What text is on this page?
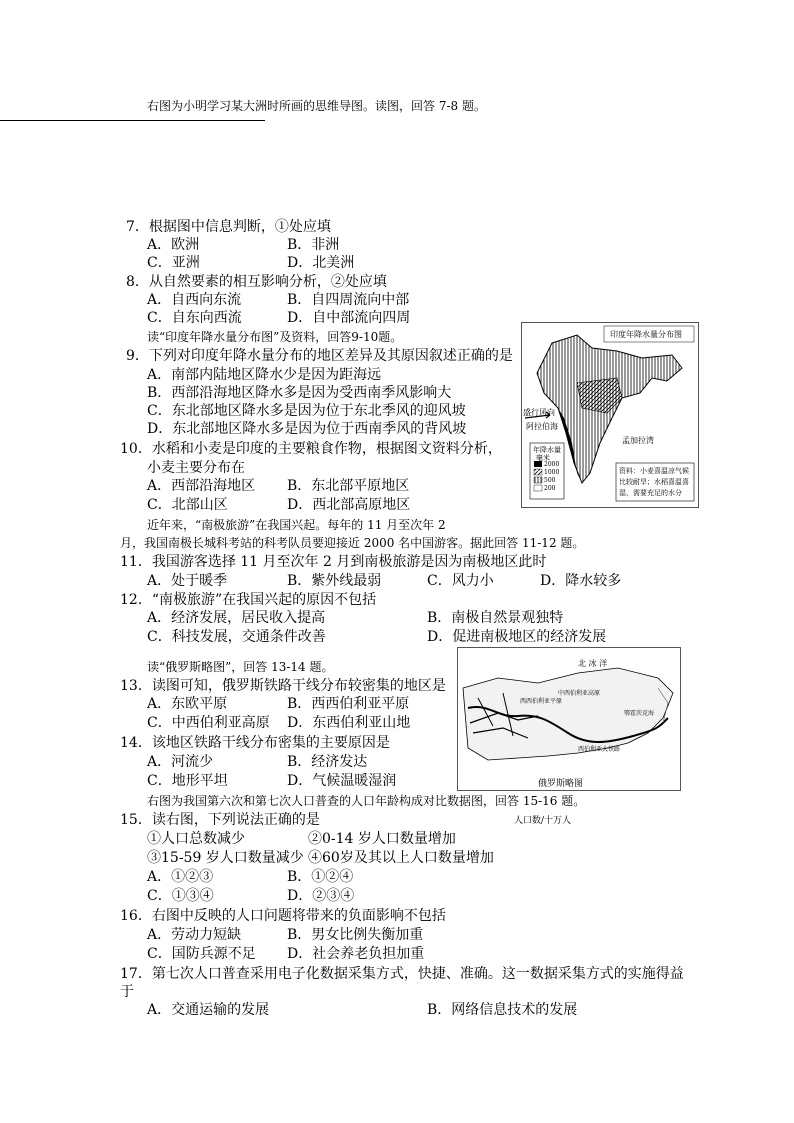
右图为小明学习某大洲时所画的思维导图。读图，回答 7-8 题。
7．根据图中信息判断，①处应填
A．欧洲	B．非洲
C．亚洲	D．北美洲
8．从自然要素的相互影响分析，②处应填
A．自西向东流	B．自四周流向中部
C．自东向西流	D．自中部流向四周
读“印度年降水量分布图”及资料，回答9-10题。
9．下列对印度年降水量分布的地区差异及其原因叙述正确的是
A．南部内陆地区降水少是因为距海远
B．西部沿海地区降水多是因为受西南季风影响大
C．东北部地区降水多是因为位于东北季风的迎风坡
D．东北部地区降水多是因为位于西南季风的背风坡
10．水稻和小麦是印度的主要粮食作物，根据图文资料分析，
小麦主要分布在
A．西部沿海地区 B．东北部平原地区
C．北部山区	D．西北部高原地区
近年来，“南极旅游”在我国兴起。每年的 11 月至次年 2
月，我国南极长城科考站的科考队员要迎接近 2000 名中国游客。据此回答 11-12 题。
11．我国游客选择 11 月至次年 2 月到南极旅游是因为南极地区此时
A．处于暖季	B．紫外线最弱	C．风力小	D．降水较多
12．“南极旅游”在我国兴起的原因不包括
A．经济发展，居民收入提高	B．南极自然景观独特
C．科技发展，交通条件改善	D．促进南极地区的经济发展
读“俄罗斯略图”，回答 13-14 题。
13．读图可知，俄罗斯铁路干线分布较密集的地区是
A．东欧平原	B．西西伯利亚平原
C．中西伯利亚高原 D．东西伯利亚山地
14．该地区铁路干线分布密集的主要原因是
A．河流少	B．经济发达
C．地形平坦	D．气候温暖湿润
右图为我国第六次和第七次人口普查的人口年龄构成对比数据图，回答 15-16 题。
15．读右图，下列说法正确的是	人口数/十万人
①人口总数减少	②0-14 岁人口数量增加
③15-59 岁人口数量减少 ④60岁及其以上人口数量增加
A．①②③	B．①②④
C．①③④	D．②③④
16．右图中反映的人口问题将带来的负面影响不包括
A．劳动力短缺	B．男女比例失衡加重
C．国防兵源不足 D．社会养老负担加重
17．第七次人口普查采用电子化数据采集方式，快捷、准确。这一数据采集方式的实施得益
于
A．交通运输的发展	B．网络信息技术的发展
印度年降水量分布图
盛行风向
阿拉伯海
孟加拉湾
年降水量
毫米
2000
1000
500
200
资料：小麦喜温凉气候
比较耐旱；水稻喜温喜
湿，需要充足的水分
北 冰 洋
西西伯利亚平原
中西伯利亚高原
鄂霍茨克海
西伯利亚大铁路
俄罗斯略图
